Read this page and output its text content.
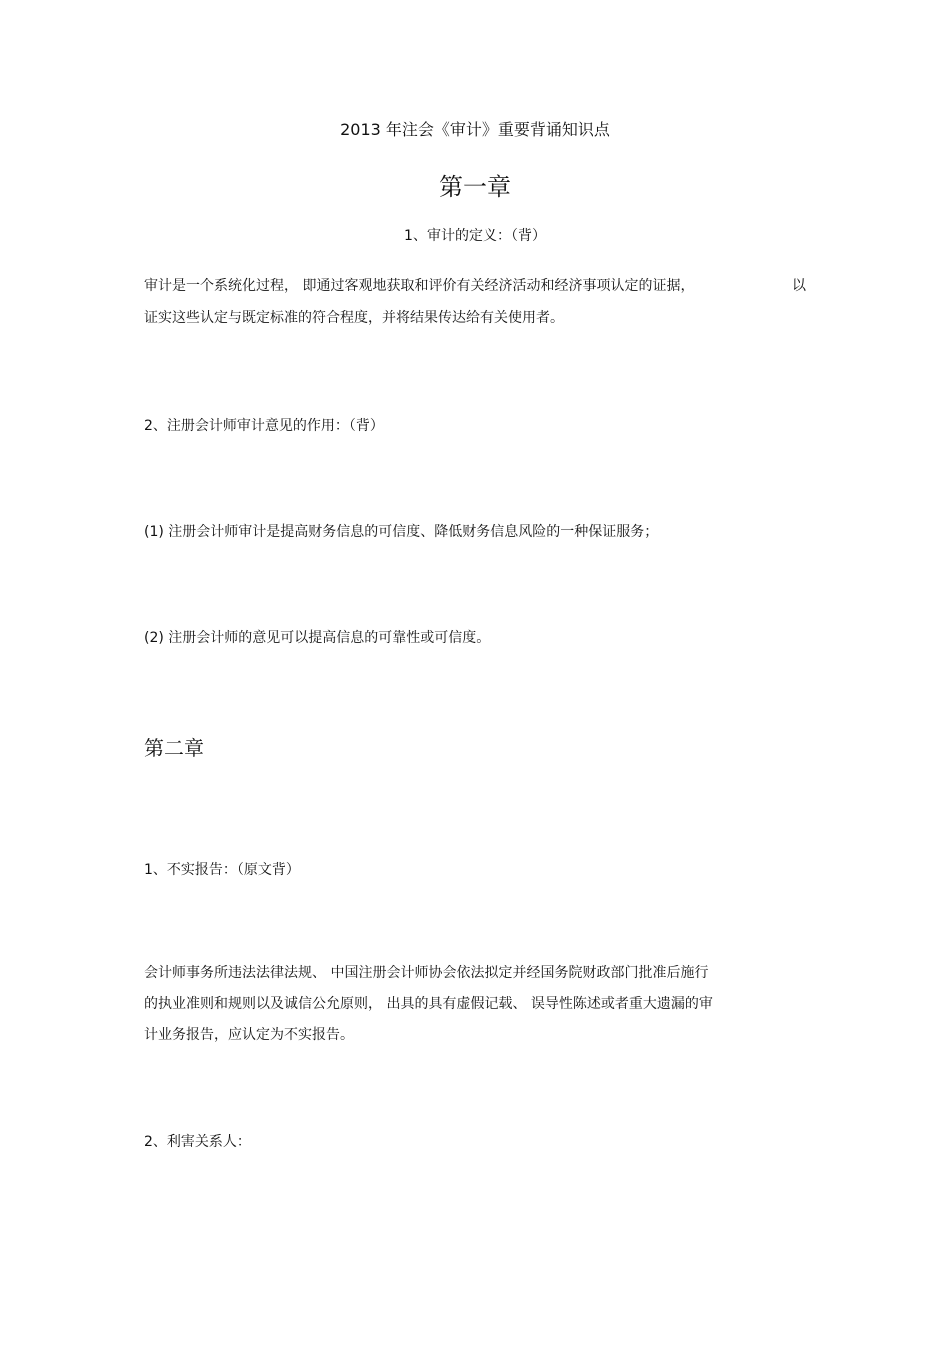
2013 年注会《审计》重要背诵知识点
第一章
1、审计的定义：（背）
审计是一个系统化过程， 即通过客观地获取和评价有关经济活动和经济事项认定的证据，	以
证实这些认定与既定标准的符合程度，并将结果传达给有关使用者。
2、注册会计师审计意见的作用：（背）
(1) 注册会计师审计是提高财务信息的可信度、降低财务信息风险的一种保证服务；
(2) 注册会计师的意见可以提高信息的可靠性或可信度。
第二章
1、不实报告：（原文背）
会计师事务所违法法律法规、 中国注册会计师协会依法拟定并经国务院财政部门批准后施行
的执业准则和规则以及诚信公允原则， 出具的具有虚假记载、 误导性陈述或者重大遗漏的审
计业务报告，应认定为不实报告。
2、利害关系人：
